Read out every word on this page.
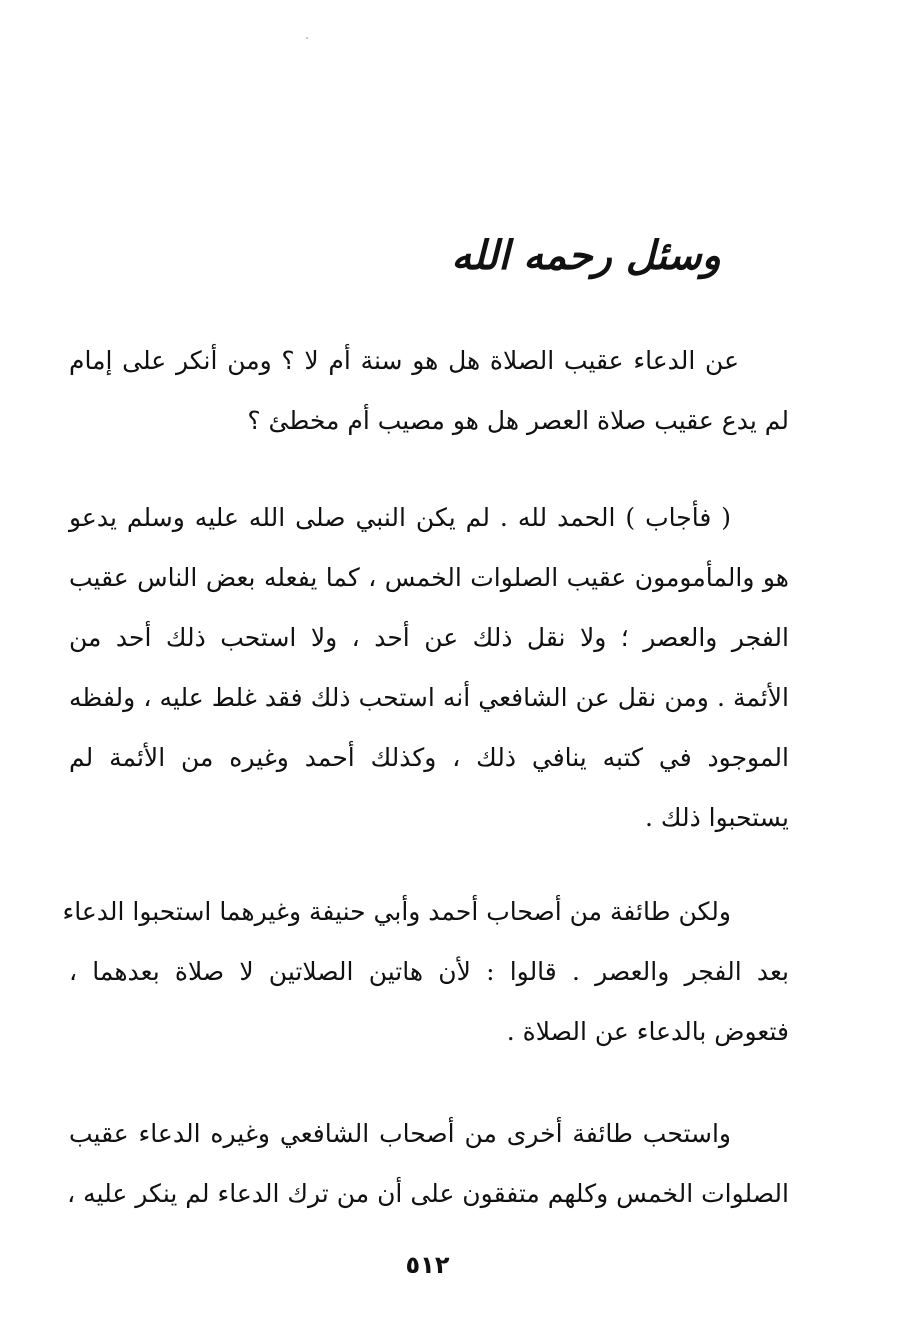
وسئل رحمه الله
عن الدعاء عقيب الصلاة هل هو سنة أم لا ؟ ومن أنكر على إمام
لم يدع عقيب صلاة العصر هل هو مصيب أم مخطئ ؟
( فأجاب ) الحمد لله . لم يكن النبي صلى الله عليه وسلم يدعو
هو والمأمومون عقيب الصلوات الخمس ، كما يفعله بعض الناس عقيب
الفجر والعصر ؛ ولا نقل ذلك عن أحد ، ولا استحب ذلك أحد من
الأئمة . ومن نقل عن الشافعي أنه استحب ذلك فقد غلط عليه ، ولفظه
الموجود في كتبه ينافي ذلك ، وكذلك أحمد وغيره من الأئمة لم
يستحبوا ذلك .
ولكن طائفة من أصحاب أحمد وأبي حنيفة وغيرهما استحبوا الدعاء
بعد الفجر والعصر . قالوا : لأن هاتين الصلاتين لا صلاة بعدهما ،
فتعوض بالدعاء عن الصلاة .
واستحب طائفة أخرى من أصحاب الشافعي وغيره الدعاء عقيب
الصلوات الخمس وكلهم متفقون على أن من ترك الدعاء لم ينكر عليه ،
٥١٢
